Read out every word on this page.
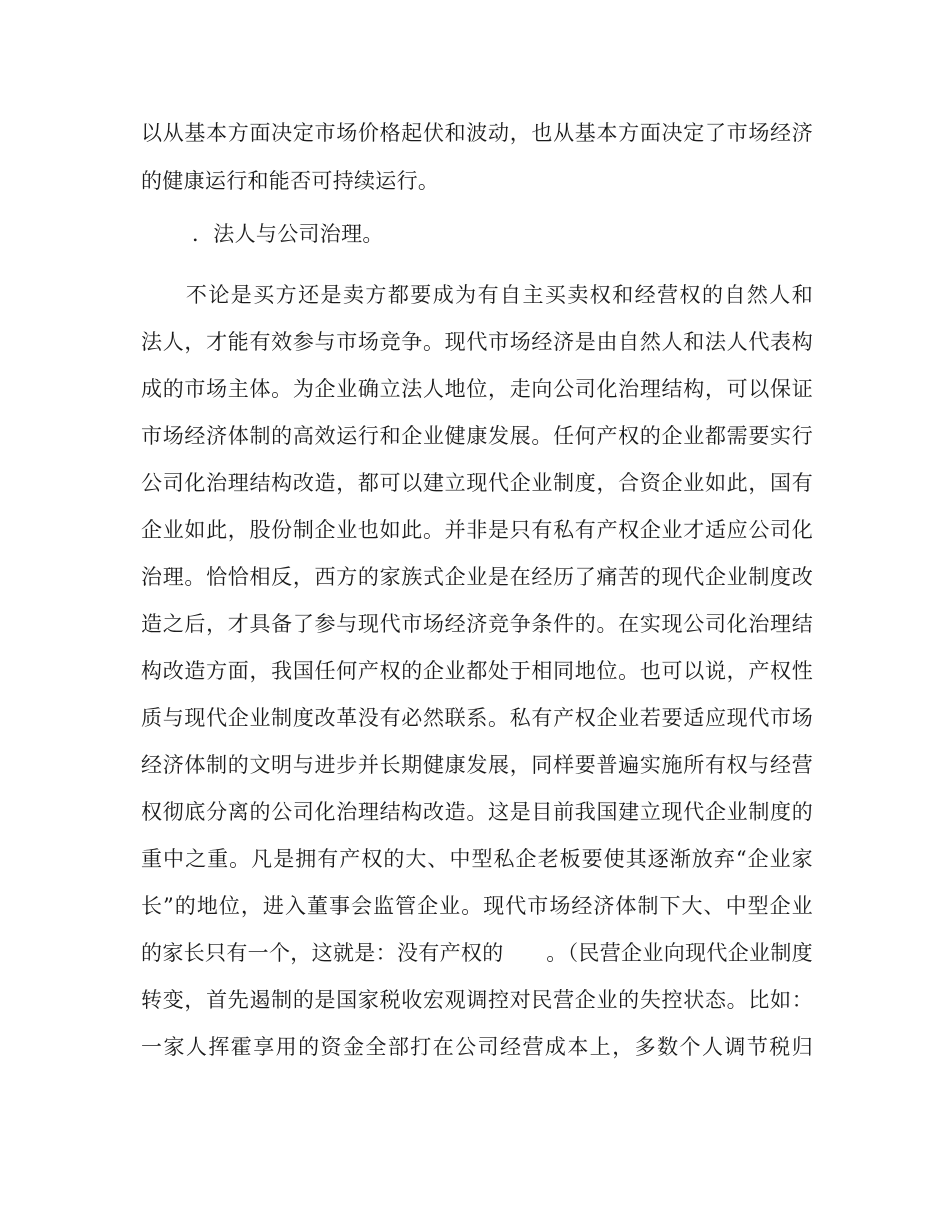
以从基本方面决定市场价格起伏和波动，也从基本方面决定了市场经济
的健康运行和能否可持续运行。
．法人与公司治理。
　　不论是买方还是卖方都要成为有自主买卖权和经营权的自然人和
法人，才能有效参与市场竞争。现代市场经济是由自然人和法人代表构
成的市场主体。为企业确立法人地位，走向公司化治理结构，可以保证
市场经济体制的高效运行和企业健康发展。任何产权的企业都需要实行
公司化治理结构改造，都可以建立现代企业制度，合资企业如此，国有
企业如此，股份制企业也如此。并非是只有私有产权企业才适应公司化
治理。恰恰相反，西方的家族式企业是在经历了痛苦的现代企业制度改
造之后，才具备了参与现代市场经济竞争条件的。在实现公司化治理结
构改造方面，我国任何产权的企业都处于相同地位。也可以说，产权性
质与现代企业制度改革没有必然联系。私有产权企业若要适应现代市场
经济体制的文明与进步并长期健康发展，同样要普遍实施所有权与经营
权彻底分离的公司化治理结构改造。这是目前我国建立现代企业制度的
重中之重。凡是拥有产权的大、中型私企老板要使其逐渐放弃“企业家
长”的地位，进入董事会监管企业。现代市场经济体制下大、中型企业
的家长只有一个，这就是：没有产权的　　。（民营企业向现代企业制度
转变，首先遏制的是国家税收宏观调控对民营企业的失控状态。比如：
一家人挥霍享用的资金全部打在公司经营成本上，多数个人调节税归
